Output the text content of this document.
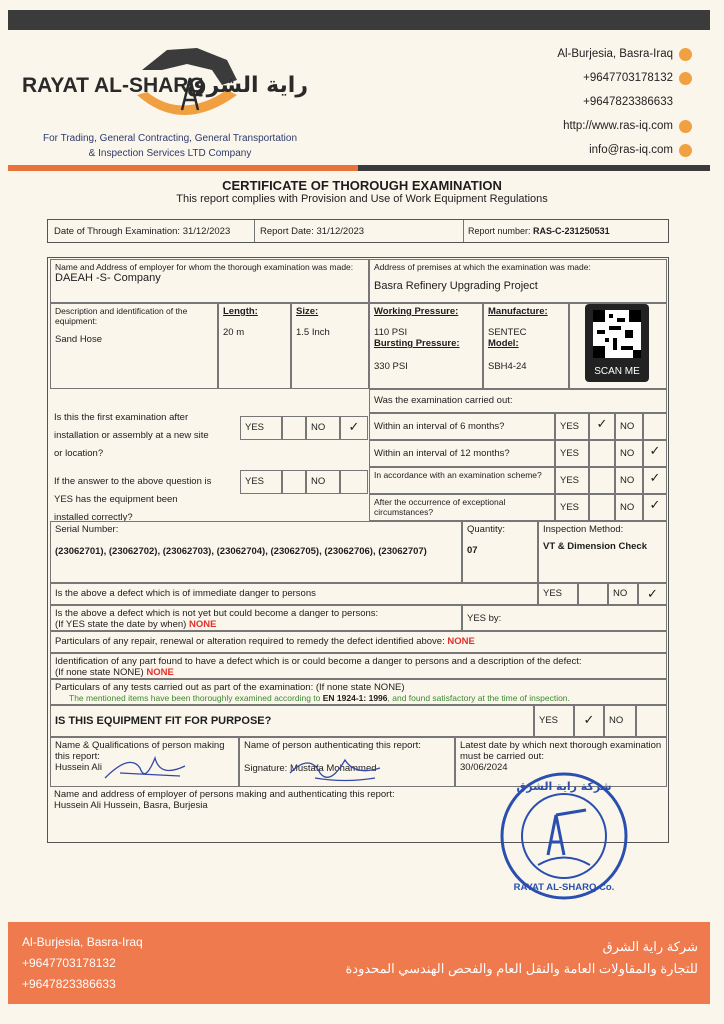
RAYAT AL-SHARQ
راية الشرق
For Trading, General Contracting, General Transportation
& Inspection Services LTD Company
Al-Burjesia, Basra-Iraq
+9647703178132
+9647823386633
http://www.ras-iq.com
info@ras-iq.com
CERTIFICATE OF THOROUGH EXAMINATION
This report complies with Provision and Use of Work Equipment Regulations
Date of Through Examination: 31/12/2023	Report Date: 31/12/2023	Report number: RAS-C-231250531
Name and Address of employer for whom the thorough examination was made:
DAEAH -S- Company
Address of premises at which the examination was made:
Basra Refinery Upgrading Project
Description and identification of the equipment:
Sand Hose
Length:
20 m
Size:
1.5 Inch
Working Pressure:
110 PSI
Bursting Pressure:
330 PSI
Manufacture:
SENTEC
Model:
SBH4-24	SCAN ME
Is this the first examination after
installation or assembly at a new site
or location?
If the answer to the above question is
YES has the equipment been
installed correctly?
YES	NO	✓
YES	NO
Was the examination carried out:
Within an interval of 6 months?	YES	✓	NO
Within an interval of 12 months?	YES	NO	✓
In accordance with an examination scheme?	YES	NO	✓
After the occurrence of exceptional circumstances?	YES	NO	✓
Serial Number:
(23062701), (23062702), (23062703), (23062704), (23062705), (23062706), (23062707)
Quantity:
07
Inspection Method:
VT & Dimension Check
Is the above a defect which is of immediate danger to persons	YES	NO	✓
Is the above a defect which is not yet but could become a danger to persons:
(If YES state the date by when) NONE
YES by:
Particulars of any repair, renewal or alteration required to remedy the defect identified above: NONE
Identification of any part found to have a defect which is or could become a danger to persons and a description of the defect:
(If none state NONE) NONE
Particulars of any tests carried out as part of the examination: (If none state NONE)
The mentioned items have been thoroughly examined according to EN 1924-1: 1996, and found satisfactory at the time of inspection.
IS THIS EQUIPMENT FIT FOR PURPOSE?	YES	✓	NO
Name & Qualifications of person making this report:
Hussein Ali
Name of person authenticating this report:
Signature: Mustafa Mohammed
Latest date by which next thorough examination must be carried out:
30/06/2024
Name and address of employer of persons making and authenticating this report:
Hussein Ali Hussein, Basra, Burjesia
شركة راية الشرق
RAYAT AL-SHARQ Co.
Al-Burjesia, Basra-Iraq
+9647703178132
+9647823386633
شركة راية الشرق
للتجارة والمقاولات العامة والنقل العام والفحص الهندسي المحدودة
